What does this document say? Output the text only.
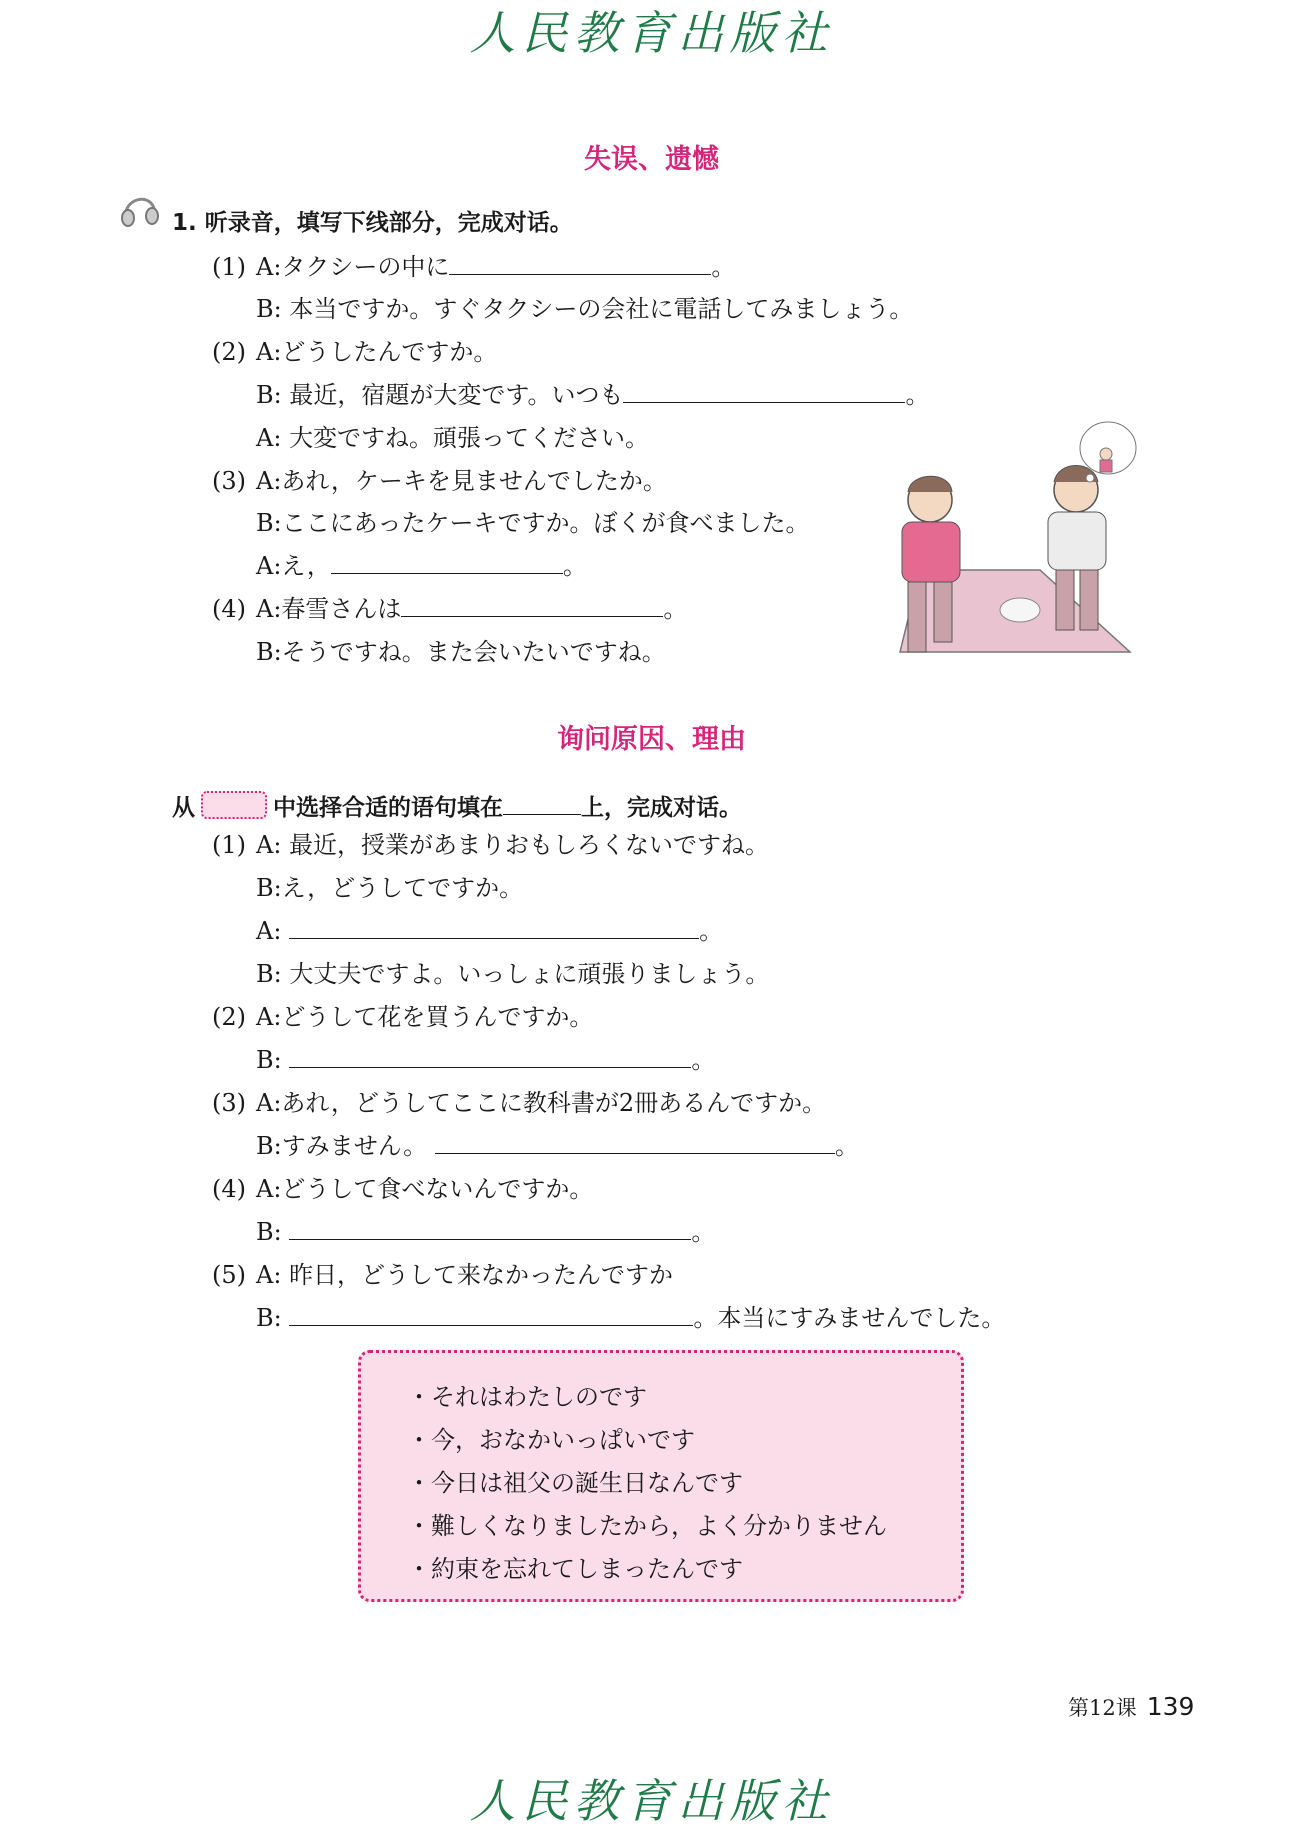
人民教育出版社
失误、遗憾
1. 听录音，填写下线部分，完成对话。
(1) A:タクシーの中に	。
B: 本当ですか。すぐタクシーの会社に電話してみましょう。
(2) A:どうしたんですか。
B: 最近，宿題が大変です。いつも	。
A: 大変ですね。頑張ってください。
(3) A:あれ，ケーキを見ませんでしたか。
B:ここにあったケーキですか。ぼくが食べました。
A:え，	。
(4) A:春雪さんは	。
B:そうですね。また会いたいですね。
询问原因、理由
从	中选择合适的语句填在	上，完成对话。
(1) A: 最近，授業があまりおもしろくないですね。
B:え，どうしてですか。
A:	。
B: 大丈夫ですよ。いっしょに頑張りましょう。
(2) A:どうして花を買うんですか。
B:	。
(3) A:あれ，どうしてここに教科書が2冊あるんですか。
B:すみません。	。
(4) A:どうして食べないんですか。
B:	。
(5) A: 昨日，どうして来なかったんですか
B:	。本当にすみませんでした。
・それはわたしのです
・今，おなかいっぱいです
・今日は祖父の誕生日なんです
・難しくなりましたから，よく分かりません
・約束を忘れてしまったんです
第12课 139
人民教育出版社
